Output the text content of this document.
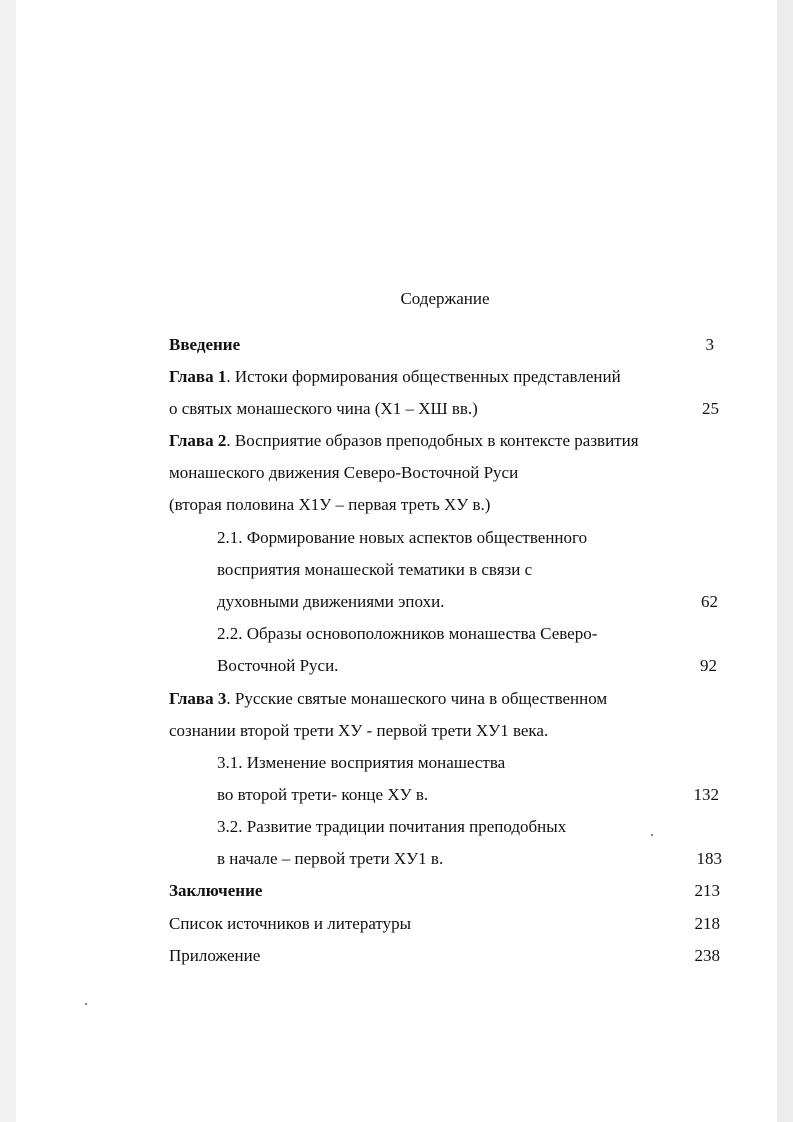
Содержание
Введение	3
Глава 1. Истоки формирования общественных представлений
о святых монашеского чина (Х1 – ХШ вв.)	25
Глава 2. Восприятие образов преподобных в контексте развития
монашеского движения Северо-Восточной Руси
(вторая половина Х1У – первая треть ХУ в.)
2.1. Формирование новых аспектов общественного
восприятия монашеской тематики в связи с
духовными движениями эпохи.	62
2.2. Образы основоположников монашества Северо-
Восточной Руси.	92
Глава 3. Русские святые монашеского чина в общественном
сознании второй трети ХУ - первой трети ХУ1 века.
3.1. Изменение восприятия монашества
во второй трети- конце ХУ в.	132
3.2. Развитие традиции почитания преподобных
в начале – первой трети ХУ1 в.	183
Заключение	213
Список источников и литературы	218
Приложение	238
